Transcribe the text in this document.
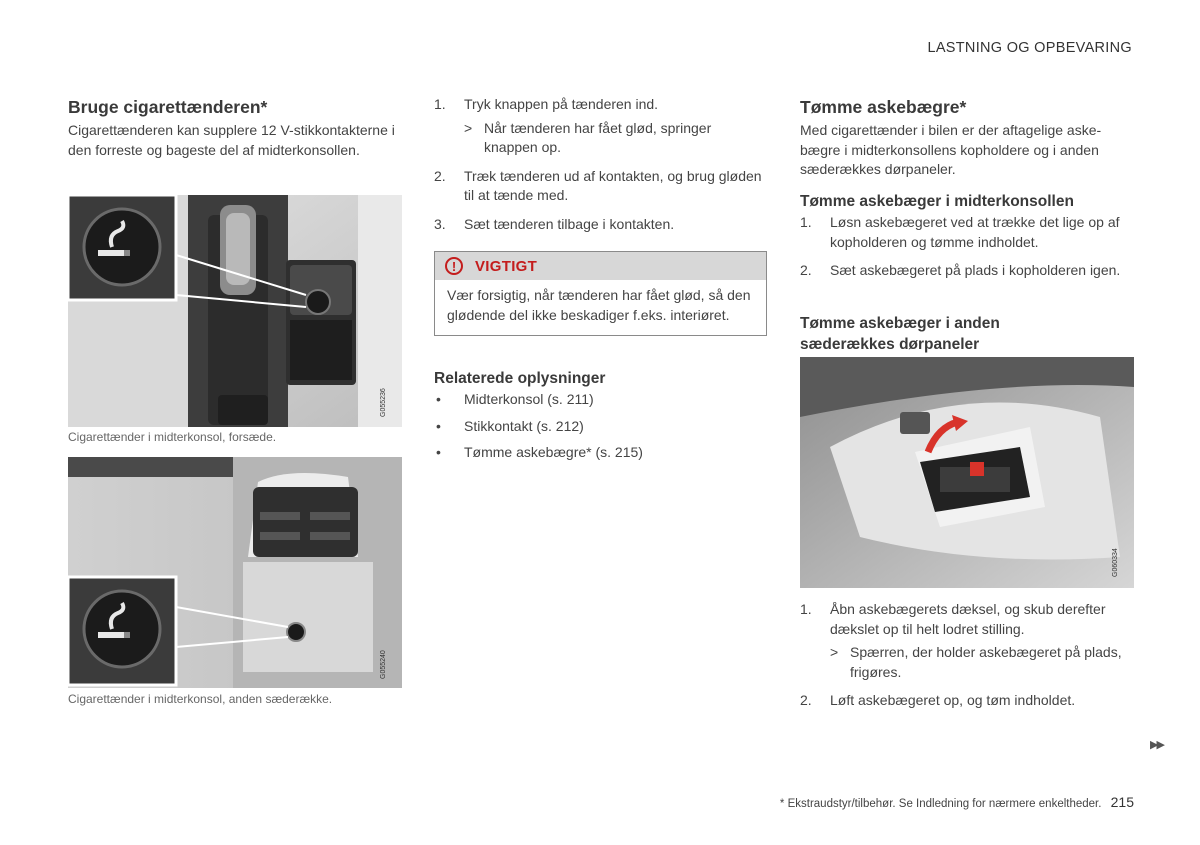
LASTNING OG OPBEVARING
Bruge cigarettænderen*
Cigarettænderen kan supplere 12 V-stikkontakterne i den forreste og bageste del af midterkonsollen.
G055236
Cigarettænder i midterkonsol, forsæde.
G055240
Cigarettænder i midterkonsol, anden sæderække.
1. Tryk knappen på tænderen ind.
> Når tænderen har fået glød, springer knappen op.
2. Træk tænderen ud af kontakten, og brug gløden til at tænde med.
3. Sæt tænderen tilbage i kontakten.
!	VIGTIGT
Vær forsigtig, når tænderen har fået glød, så den glødende del ikke beskadiger f.eks. interiøret.
Relaterede oplysninger
• Midterkonsol (s. 211)
• Stikkontakt (s. 212)
• Tømme askebægre* (s. 215)
Tømme askebægre*
Med cigarettænder i bilen er der aftagelige askebægre i midterkonsollens kopholdere og i anden sæderækkes dørpaneler.
Tømme askebæger i midterkonsollen
1. Løsn askebægeret ved at trække det lige op af kopholderen og tømme indholdet.
2. Sæt askebægeret på plads i kopholderen igen.
Tømme askebæger i anden sæderækkes dørpaneler
G060334
1. Åbn askebægerets dæksel, og skub derefter dækslet op til helt lodret stilling.
> Spærren, der holder askebægeret på plads, frigøres.
2. Løft askebægeret op, og tøm indholdet.
▶▶
* Ekstraudstyr/tilbehør. Se Indledning for nærmere enkeltheder. 215
